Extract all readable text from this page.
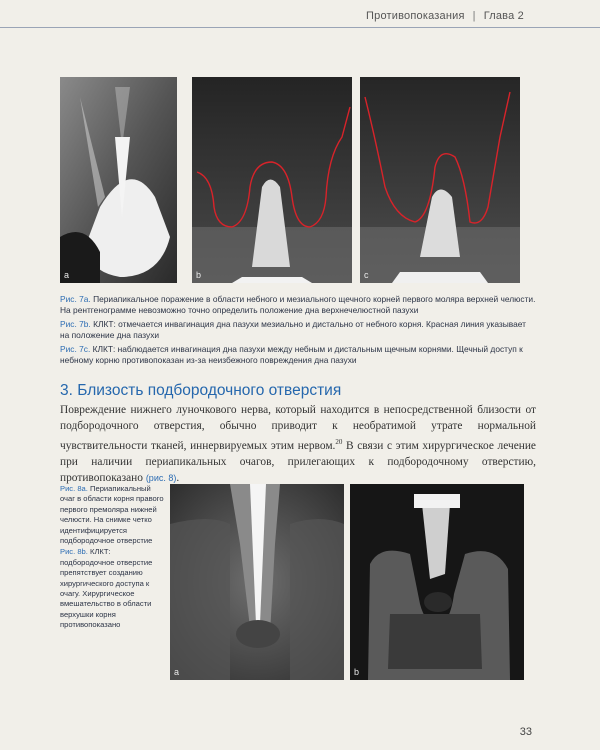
Противопоказания | Глава 2
a	b	c
Рис. 7a. Периапикальное поражение в области небного и мезиального щечного корней первого моляра верхней челюсти. На рентгенограмме невозможно точно определить положение дна верхнечелюстной пазухи
Рис. 7b. КЛКТ: отмечается инвагинация дна пазухи мезиально и дистально от небного корня. Красная линия указывает на положение дна пазухи
Рис. 7c. КЛКТ: наблюдается инвагинация дна пазухи между небным и дистальным щечным корнями. Щечный доступ к небному корню противопоказан из-за неизбежного повреждения дна пазухи
3. Близость подбородочного отверстия
Повреждение нижнего луночкового нерва, который находится в непосредственной близости от подбородочного отверстия, обычно приводит к необратимой утрате нормальной чувствительности тканей, иннервируемых этим нервом.$^{20}$ В связи с этим хирургическое лечение при наличии периапикальных очагов, прилегающих к подбородочному отверстию, противопоказано (рис. 8).

Рис. 8a. Периапикальный очаг в области корня правого первого премоляра нижней челюсти. На снимке четко идентифицируется подбородочное отверстие

Рис. 8b. КЛКТ: подбородочное отверстие препятствует созданию хирургического доступа к очагу. Хирургическое вмешательство в области верхушки корня противопоказано

a	b
33
